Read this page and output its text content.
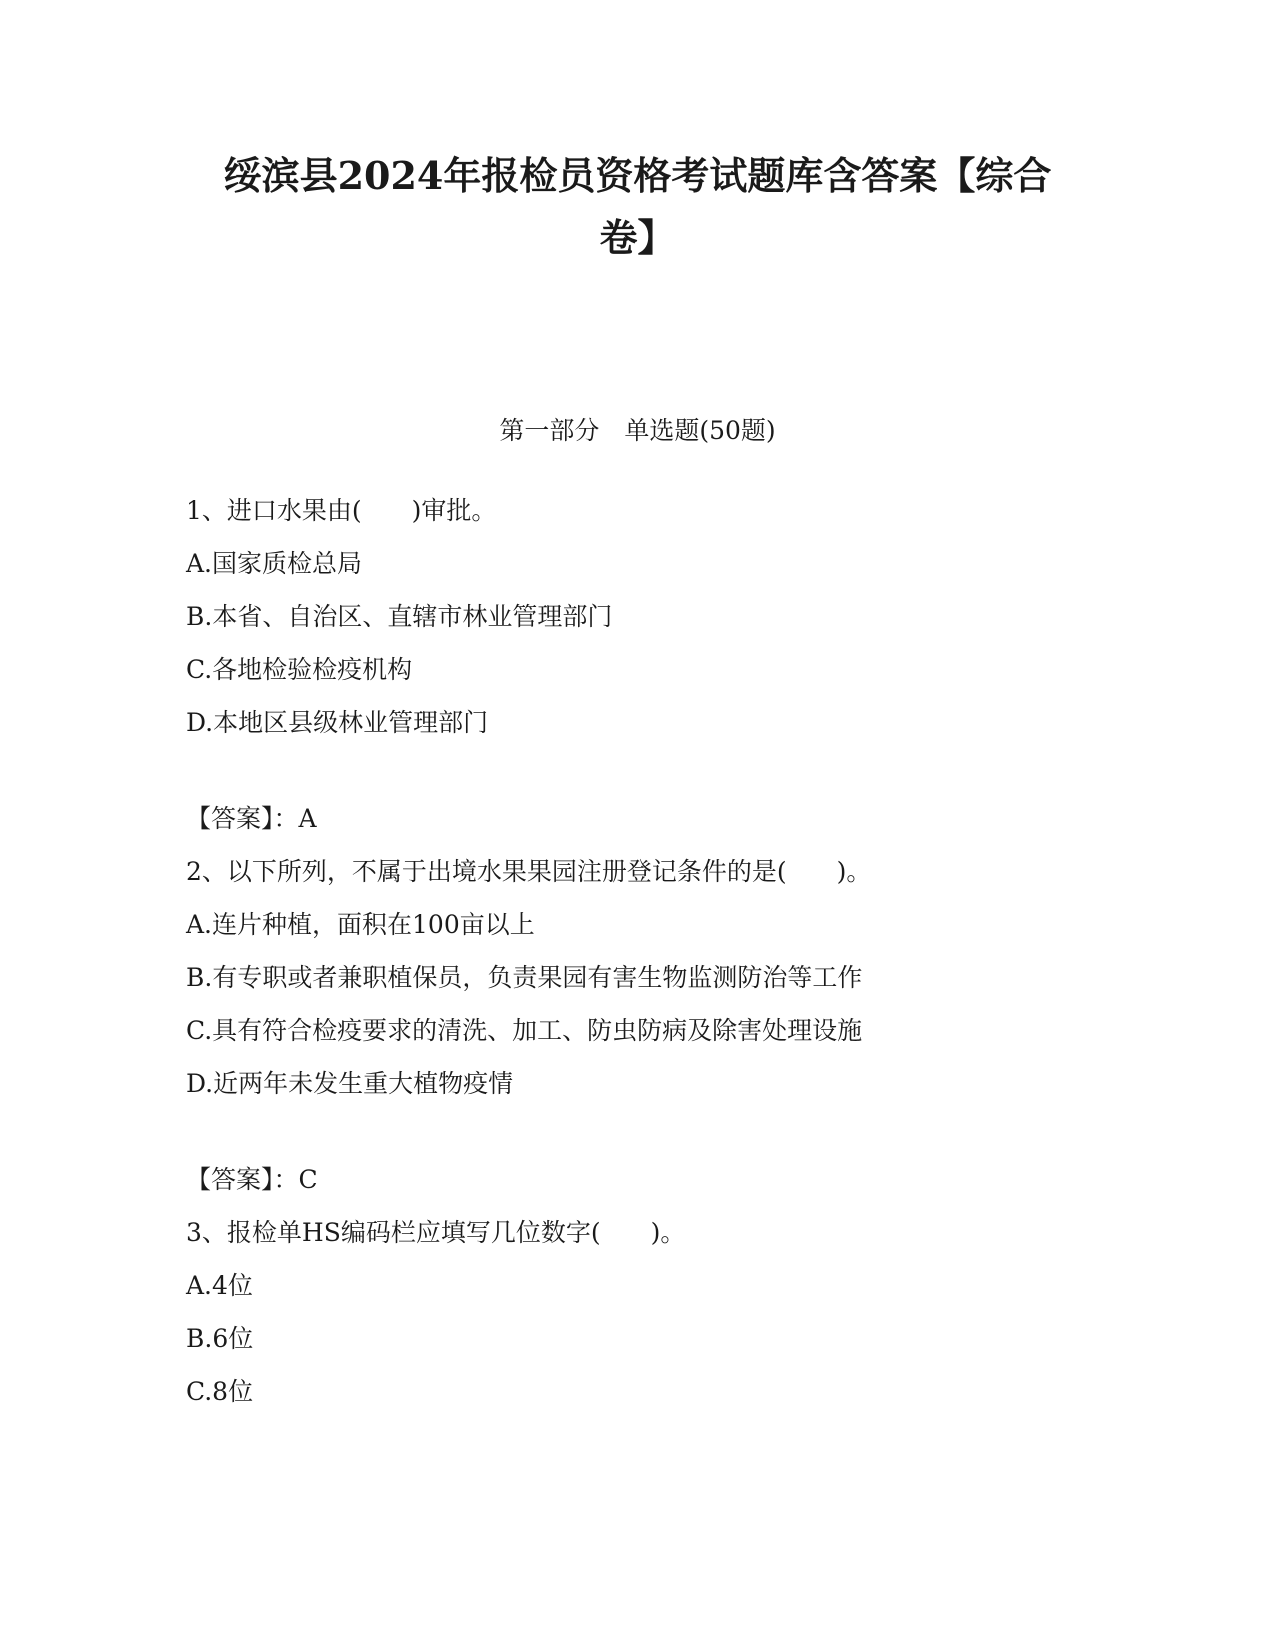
绥滨县2024年报检员资格考试题库含答案【综合
卷】
第一部分　单选题(50题)

1、进口水果由(　　)审批。

A.国家质检总局

B.本省、自治区、直辖市林业管理部门

C.各地检验检疫机构

D.本地区县级林业管理部门

【答案】：A

2、以下所列，不属于出境水果果园注册登记条件的是(　　)。

A.连片种植，面积在100亩以上

B.有专职或者兼职植保员，负责果园有害生物监测防治等工作

C.具有符合检疫要求的清洗、加工、防虫防病及除害处理设施

D.近两年未发生重大植物疫情

【答案】：C

3、报检单HS编码栏应填写几位数字(　　)。

A.4位

B.6位

C.8位
